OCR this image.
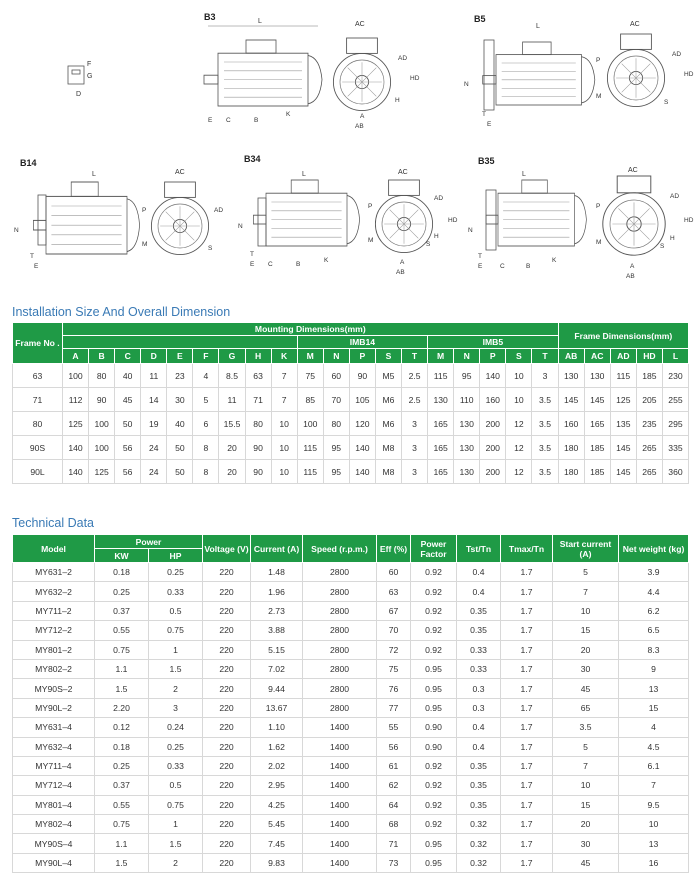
F
G
D
B3	L
E C	B
K
AC
AD
HD
H
A
AB
B5
N
T
E
L	AC
P
M
S
AD
HD
B14
L
N
T
E
AC
P
M
S
AD
B34
L
N
T
E C	B
K
AC
P
M
S
AD
HD
H
A
AB
B35
L
N
T
E	C	B
K
AC
P
M
S
AD
HD
H
A
AB
Installation Size And Overall Dimension
Frame No .	Mounting Dimensions(mm)																			Frame Dimensions(mm)				
										IMB14					IMB5									
	A	B	C	D	E	F	G	H	K	M	N	P	S	T	M	N	P	S	T	AB	AC	AD	HD	L
63	100	80	40	11	23	4	8.5	63	7	75	60	90	M5	2.5	115	95	140	10	3	130	130	115	185	230
71	112	90	45	14	30	5	11	71	7	85	70	105	M6	2.5	130	110	160	10	3.5	145	145	125	205	255
80	125	100	50	19	40	6	15.5	80	10	100	80	120	M6	3	165	130	200	12	3.5	160	165	135	235	295
90S	140	100	56	24	50	8	20	90	10	115	95	140	M8	3	165	130	200	12	3.5	180	185	145	265	335
90L	140	125	56	24	50	8	20	90	10	115	95	140	M8	3	165	130	200	12	3.5	180	185	145	265	360
Technical Data
Model	Power		Voltage (V)	Current (A)	Speed (r.p.m.)	Eff (%)	Power Factor	Tst/Tn	Tmax/Tn	Start current (A)	Net weight (kg)
	KW	HP									
MY631–2	0.18	0.25	220	1.48	2800	60	0.92	0.4	1.7	5	3.9
MY632–2	0.25	0.33	220	1.96	2800	63	0.92	0.4	1.7	7	4.4
MY711–2	0.37	0.5	220	2.73	2800	67	0.92	0.35	1.7	10	6.2
MY712–2	0.55	0.75	220	3.88	2800	70	0.92	0.35	1.7	15	6.5
MY801–2	0.75	1	220	5.15	2800	72	0.92	0.33	1.7	20	8.3
MY802–2	1.1	1.5	220	7.02	2800	75	0.95	0.33	1.7	30	9
MY90S–2	1.5	2	220	9.44	2800	76	0.95	0.3	1.7	45	13
MY90L–2	2.20	3	220	13.67	2800	77	0.95	0.3	1.7	65	15
MY631–4	0.12	0.24	220	1.10	1400	55	0.90	0.4	1.7	3.5	4
MY632–4	0.18	0.25	220	1.62	1400	56	0.90	0.4	1.7	5	4.5
MY711–4	0.25	0.33	220	2.02	1400	61	0.92	0.35	1.7	7	6.1
MY712–4	0.37	0.5	220	2.95	1400	62	0.92	0.35	1.7	10	7
MY801–4	0.55	0.75	220	4.25	1400	64	0.92	0.35	1.7	15	9.5
MY802–4	0.75	1	220	5.45	1400	68	0.92	0.32	1.7	20	10
MY90S–4	1.1	1.5	220	7.45	1400	71	0.95	0.32	1.7	30	13
MY90L–4	1.5	2	220	9.83	1400	73	0.95	0.32	1.7	45	16
